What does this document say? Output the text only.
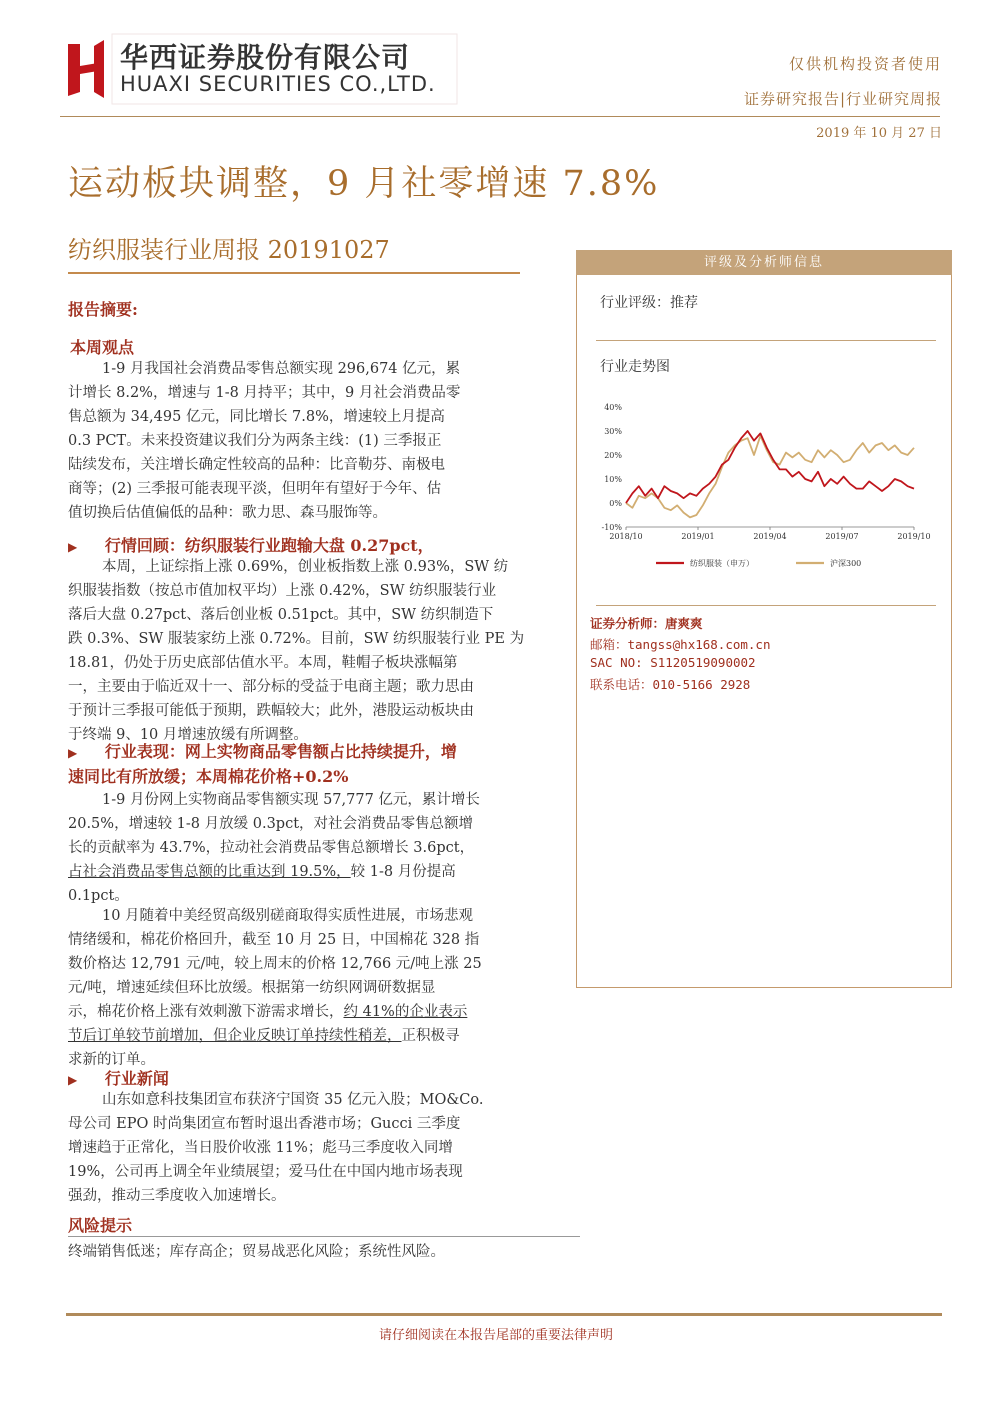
华西证券股份有限公司
HUAXI SECURITIES CO.,LTD.
仅供机构投资者使用
证券研究报告|行业研究周报
2019 年 10 月 27 日
运动板块调整，9 月社零增速 7.8%
纺织服装行业周报 20191027
报告摘要:
本周观点
1-9 月我国社会消费品零售总额实现 296,674 亿元，累
计增长 8.2%，增速与 1-8 月持平；其中，9 月社会消费品零
售总额为 34,495 亿元，同比增长 7.8%，增速较上月提高
0.3 PCT。未来投资建议我们分为两条主线：(1) 三季报正
陆续发布，关注增长确定性较高的品种：比音勒芬、南极电
商等；(2) 三季报可能表现平淡，但明年有望好于今年、估
值切换后估值偏低的品种：歌力思、森马服饰等。
▶ 行情回顾：纺织服装行业跑输大盘 0.27pct，
本周，上证综指上涨 0.69%，创业板指数上涨 0.93%，SW 纺
织服装指数（按总市值加权平均）上涨 0.42%，SW 纺织服装行业
落后大盘 0.27pct、落后创业板 0.51pct。其中，SW 纺织制造下
跌 0.3%、SW 服装家纺上涨 0.72%。目前，SW 纺织服装行业 PE 为
18.81，仍处于历史底部估值水平。本周，鞋帽子板块涨幅第
一，主要由于临近双十一、部分标的受益于电商主题；歌力思由
于预计三季报可能低于预期，跌幅较大；此外，港股运动板块由
于终端 9、10 月增速放缓有所调整。
▶ 行业表现：网上实物商品零售额占比持续提升，增
速同比有所放缓；本周棉花价格+0.2%
1-9 月份网上实物商品零售额实现 57,777 亿元，累计增长
20.5%，增速较 1-8 月放缓 0.3pct，对社会消费品零售总额增
长的贡献率为 43.7%，拉动社会消费品零售总额增长 3.6pct，
占社会消费品零售总额的比重达到 19.5%，较 1-8 月份提高
0.1pct。
10 月随着中美经贸高级别磋商取得实质性进展，市场悲观
情绪缓和，棉花价格回升，截至 10 月 25 日，中国棉花 328 指
数价格达 12,791 元/吨，较上周末的价格 12,766 元/吨上涨 25
元/吨，增速延续但环比放缓。根据第一纺织网调研数据显
示，棉花价格上涨有效刺激下游需求增长，约 41%的企业表示
节后订单较节前增加，但企业反映订单持续性稍差，正积极寻
求新的订单。
▶ 行业新闻
山东如意科技集团宣布获济宁国资 35 亿元入股；MO&Co.
母公司 EPO 时尚集团宣布暂时退出香港市场；Gucci 三季度
增速趋于正常化，当日股价收涨 11%；彪马三季度收入同增
19%，公司再上调全年业绩展望；爱马仕在中国内地市场表现
强劲，推动三季度收入加速增长。
风险提示
终端销售低迷；库存高企；贸易战恶化风险；系统性风险。
评级及分析师信息
行业评级：推荐
行业走势图
40%
30%
20%
10%
0%
-10%
2018/10	2019/01	2019/04	2019/07	2019/10
纺织服装（申万）	沪深300
证券分析师：唐爽爽
邮箱：tangss@hx168.com.cn
SAC NO: S1120519090002
联系电话：010-5166 2928
请仔细阅读在本报告尾部的重要法律声明
